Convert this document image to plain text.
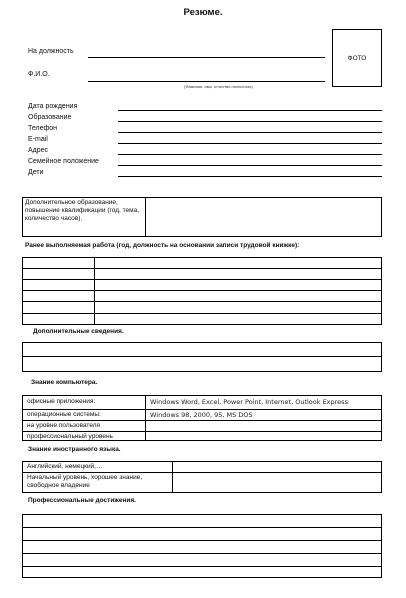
Резюме.
На должность
Ф.И.О.
(Фамилия, имя, отчество полностью)
ФОТО
Дата рождения
Образование
Телефон
E-mail
Адрес
Семейное положение
Дети
Дополнительное образование, повышение квалификации (год, тема, количество часов).
Ранее выполняемая работа (год, должность на основании записи трудовой книжке):
Дополнительные сведения.
Знание компьютера.
офисные приложения:	Windows Word, Excel, Power Point, Internet, Outlook Express
операционные системы:	Windows 98, 2000, 95, MS DOS
на уровне пользователя
профессиональный уровень
Знание иностранного языка.
Английский, немецкий,…
Начальный уровень, хорошее знание, свободное владение
Профессиональные достижения.
